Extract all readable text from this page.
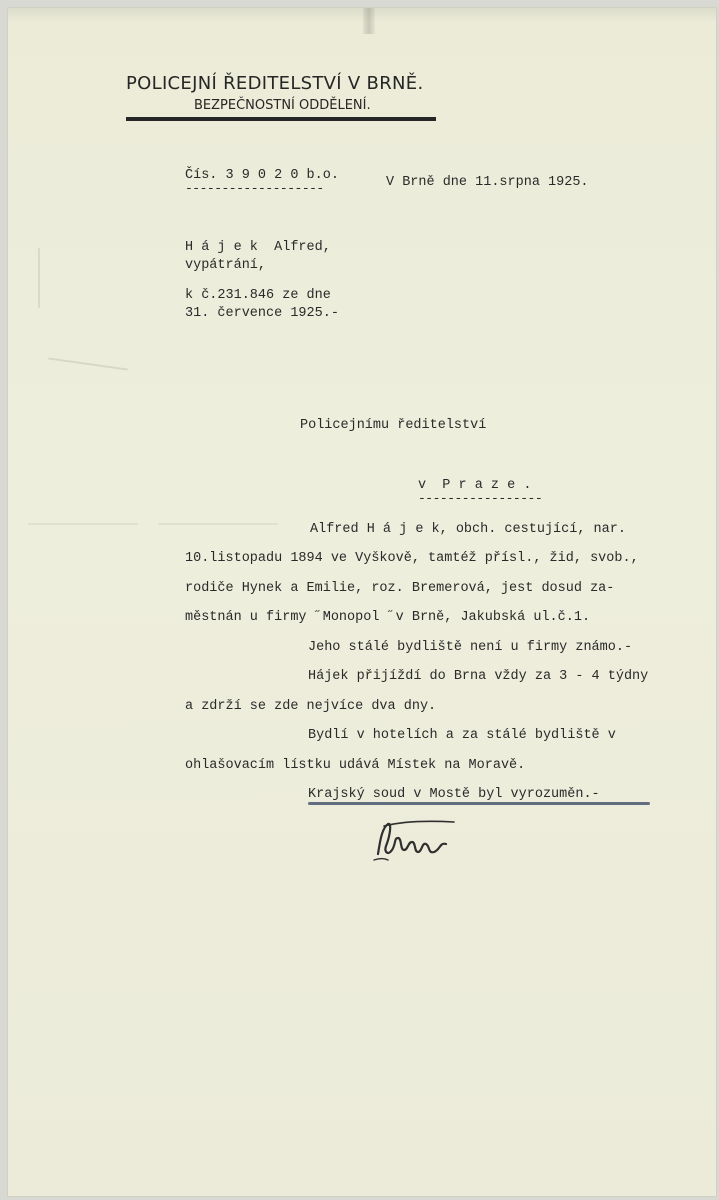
POLICEJNÍ ŘEDITELSTVÍ V BRNĚ.
BEZPEČNOSTNÍ ODDĚLENÍ.
Čís. 3 9 0 2 0 b.o.
-------------------	V Brně dne 11.srpna 1925.
H á j e k  Alfred,
vypátrání,
k č.231.846 ze dne
31. července 1925.-
Policejnímu ředitelství
v  P r a z e .
-----------------
Alfred H á j e k, obch. cestující, nar.
10.listopadu 1894 ve Vyškově, tamtéž přísl., žid, svob.,
rodiče Hynek a Emilie, roz. Bremerová, jest dosud za-
městnán u firmy ˝Monopol ˝v Brně, Jakubská ul.č.1.
Jeho stálé bydliště není u firmy známo.-
Hájek přijíždí do Brna vždy za 3 - 4 týdny
a zdrží se zde nejvíce dva dny.
Bydlí v hotelích a za stálé bydliště v
ohlašovacím lístku udává Místek na Moravě.
Krajský soud v Mostě byl vyrozuměn.-
